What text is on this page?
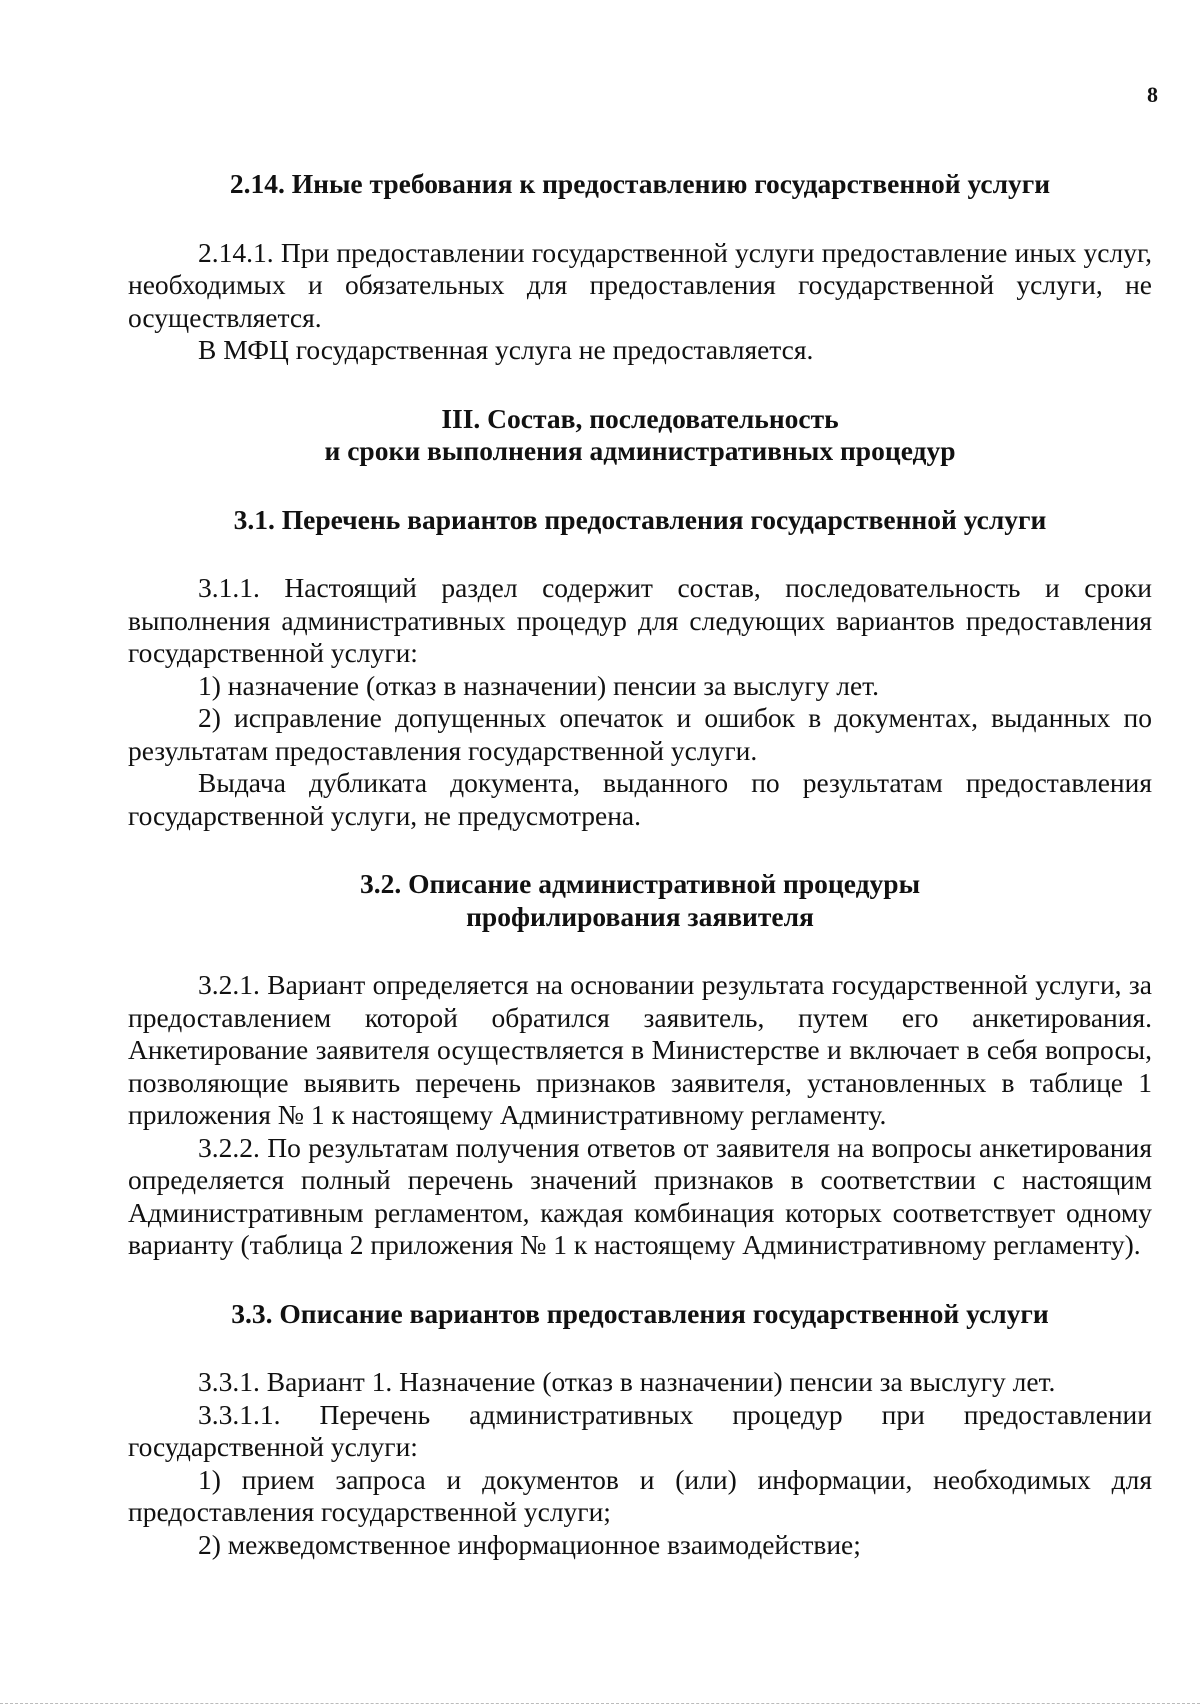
8

2.14. Иные требования к предоставлению государственной услуги

2.14.1. При предоставлении государственной услуги предоставление иных услуг, необходимых и обязательных для предоставления государственной услуги, не осуществляется.

В МФЦ государственная услуга не предоставляется.

III. Состав, последовательность
и сроки выполнения административных процедур

3.1. Перечень вариантов предоставления государственной услуги

3.1.1. Настоящий раздел содержит состав, последовательность и сроки выполнения административных процедур для следующих вариантов предоставления государственной услуги:

1) назначение (отказ в назначении) пенсии за выслугу лет.

2) исправление допущенных опечаток и ошибок в документах, выданных по результатам предоставления государственной услуги.

Выдача дубликата документа, выданного по результатам предоставления государственной услуги, не предусмотрена.

3.2. Описание административной процедуры
профилирования заявителя

3.2.1. Вариант определяется на основании результата государственной услуги, за предоставлением которой обратился заявитель, путем его анкетирования. Анкетирование заявителя осуществляется в Министерстве и включает в себя вопросы, позволяющие выявить перечень признаков заявителя, установленных в таблице 1 приложения № 1 к настоящему Административному регламенту.

3.2.2. По результатам получения ответов от заявителя на вопросы анкетирования определяется полный перечень значений признаков в соответствии с настоящим Административным регламентом, каждая комбинация которых соответствует одному варианту (таблица 2 приложения № 1 к настоящему Административному регламенту).

3.3. Описание вариантов предоставления государственной услуги

3.3.1. Вариант 1. Назначение (отказ в назначении) пенсии за выслугу лет.

3.3.1.1. Перечень административных процедур при предоставлении государственной услуги:

1) прием запроса и документов и (или) информации, необходимых для предоставления государственной услуги;

2) межведомственное информационное взаимодействие;
